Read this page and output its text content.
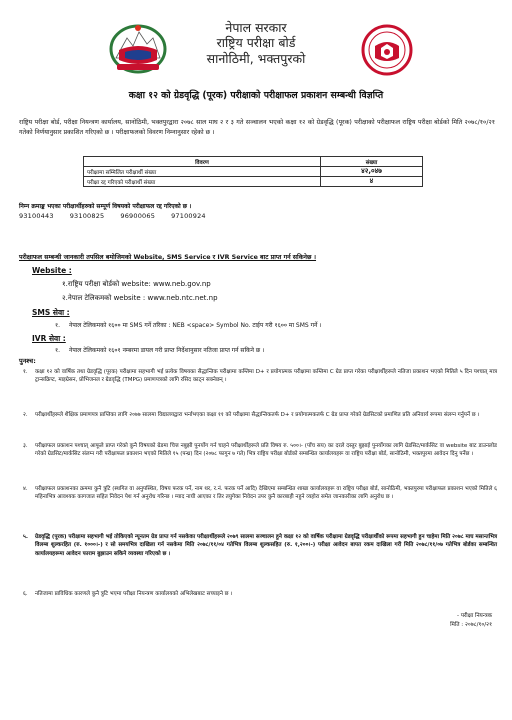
नेपाल सरकार
राष्ट्रिय परीक्षा बोर्ड
सानोठिमी, भक्तपुरको
कक्षा १२ को ग्रेडवृद्धि (पूरक) परीक्षाको परीक्षाफल प्रकाशन सम्बन्धी विज्ञप्ति
राष्ट्रिय परीक्षा बोर्ड, परीक्षा नियन्त्रण कार्यालय, सानोठिमी, भक्तपुरद्वारा २०७८ साल माघ २ र ३ गते सञ्चालन भएको कक्षा १२ को ग्रेडवृद्धि (पूरक) परीक्षाको परीक्षाफल राष्ट्रिय परीक्षा बोर्डको मिति २०७८/१०/२१ गतेको निर्णयानुसार प्रकाशित गरिएको छ । परीक्षाफलको विवरण निम्नानुसार रहेको छ ।
विवरण	संख्या
परीक्षामा सम्मिलित परीक्षार्थी संख्या	४२,०४७
परीक्षा रद्द गरिएको परीक्षार्थी संख्या	४
निम्न क्रमाङ्क भएका परीक्षार्थीहरुको सम्पूर्ण विषयको परीक्षाफल रद्द गरिएको छ ।
93100443 93100825 96900065 97100924
परीक्षाफल सम्बन्धी जानकारी तपसिल बमोजिमको Website, SMS Service र IVR Service बाट प्राप्त गर्न सकिनेछ ।
Website :
१.राष्ट्रिय परीक्षा बोर्डको website: www.neb.gov.np
२.नेपाल टेलिकमको website : www.neb.ntc.net.np
SMS सेवा :
१. नेपाल टेलिकमको १६०० मा SMS गर्ने तरिका : NEB <space> Symbol No. टाईप गरी १६०० मा SMS गर्ने ।
IVR सेवा :
१. नेपाल टेलिकमको १६०१ नम्बरमा डायल गरी प्राप्त निर्देशानुसार नतिजा प्राप्त गर्न सकिने छ ।
पुनश्च:
१. कक्षा १२ को वार्षिक तथा ग्रेडवृद्धि (पूरक) परीक्षामा सहभागी भई प्रत्येक विषयका सैद्धान्तिक परीक्षामा कम्तिमा D+ र प्रयोगात्मक परीक्षामा कम्तिमा C ग्रेड प्राप्त गरेका परीक्षार्थीहरूले नतिजा प्रकाशन भएको मितिले ५ दिन पश्चात् मात्र ट्रान्सक्रिप्ट, माइग्रेसन, प्रोभिजनल र ग्रेडवृद्धि (TMPG) प्रमाणपत्रको लागि रसिद काट्न सक्नेछन् ।
२. परीक्षार्थीहरूले शैक्षिक प्रमाणपत्र प्राप्तिका लागि २०७७ सालमा विद्यालयद्वारा भर्नाभएका कक्षा ११ को परीक्षामा सैद्धान्तिकतर्फ D+ र प्रयोगात्मकतर्फ C ग्रेड प्राप्त गरेको ग्रेडसिटको प्रमाणित प्रति अनिवार्य रूपमा संलग्न गर्नुपर्ने छ ।
३. परीक्षाफल प्रकाशन पश्चात् आफूले प्राप्त गरेको कुनै विषयको ग्रेडमा चित्त नबुझी पुनर्योग गर्न चाहने परीक्षार्थीहरूले प्रति विषय रु. ५००।- (पाँच सय) का दरले दस्तुर बुझाई पुनर्योगका लागि ग्रेडसिट/मार्कसिट वा website बाट डाउनलोड गरेको ग्रेडसिट/मार्कसिट संलग्न गरी परीक्षाफल प्रकाशन भएको मितिले १५ (पन्ध्र) दिन (२०७८ फागुन ७ गते) भित्र राष्ट्रिय परीक्षा बोर्डको सम्बन्धित कार्यालयहरू वा राष्ट्रिय परीक्षा बोर्ड, सानोठिमी, भक्तपुरमा आवेदन दिनु पर्नेछ ।
४. परीक्षाफल प्रकाशनका क्रममा कुनै त्रुटि (स्थगित वा अनुपस्थित, विषय फरक पर्ने, नाम थर, र.नं. फरक पर्ने आदि) देखिएमा सम्बन्धित शाखा कार्यालयहरू वा राष्ट्रिय परीक्षा बोर्ड, सानोठिमी, भक्तपुरमा परीक्षाफल प्रकाशन भएको मितिले ६ महिनाभित्र आवश्यक कागजात सहित निवेदन पेश गर्न अनुरोध गरिन्छ । म्याद नाघी आएका र तिर तयुगेका निवेदन उपर कुनै कारबाही नहुने व्यहोरा समेत जानकारीका लागि अनुरोध छ ।
५. ग्रेडवृद्धि (पूरक) परीक्षामा सहभागी भई तोकिएको न्यूनतम ग्रेड प्राप्त गर्न नसकेका परीक्षार्थीहरूले २०७९ सालमा सञ्चालन हुने कक्षा १२ को वार्षिक परीक्षामा ग्रेडवृद्धि परीक्षार्थीको रूपमा सहभागी हुन चाहेमा मिति २०७८ माघ मसान्तभित्र विलम्ब शुल्करहित (रु. १०००।-) र सो समयभित्र दाखिला गर्न नसकेमा मिति २०७८/११/०४ गतेभित्र विलम्ब शुल्कसहित (रु. १,२००।-) परीक्षा आवेदन बापत रकम दाखिला गरी मिति २०७८/११/०७ गतेभित्र बोर्डका सम्बन्धित कार्यालयहरूमा आवेदन फाराम बुझाउन सकिने व्यवस्था गरिएको छ ।
६. नतिजामा प्राविधिक कारणले कुनै त्रुटि भएमा परीक्षा नियन्त्रण कार्यालयको अभिलेखबाट सच्याइने छ ।
- परीक्षा नियन्त्रक
मिति : २०७८/१०/२१
